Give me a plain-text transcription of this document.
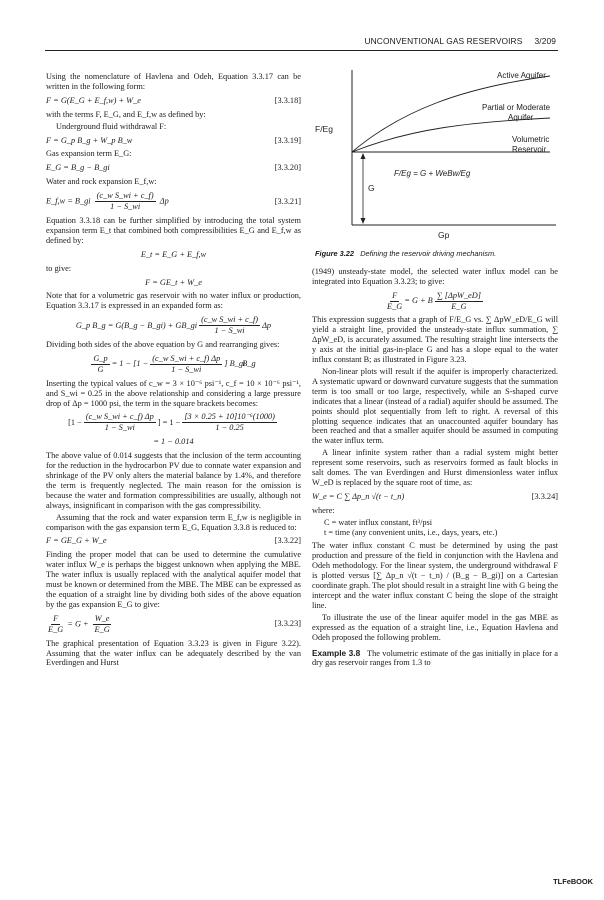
UNCONVENTIONAL GAS RESERVOIRS 3/209

Using the nomenclature of Havlena and Odeh, Equation 3.3.17 can be written in the following form:

F = G(E_G + E_f,w) + W_e	[3.3.18]

with the terms F, E_G, and E_f,w as defined by:

Underground fluid withdrawal F:

F = G_p B_g + W_p B_w	[3.3.19]

Gas expansion term E_G:

E_G = B_g − B_gi	[3.3.20]

Water and rock expansion E_f,w:

E_f,w = B_gi $\frac{\text{(c\_w S\_wi + c\_f)}}{1 - S\_wi}$ Δp	[3.3.21]

Equation 3.3.18 can be further simplified by introducing the total system expansion term E_t that combined both compressibilities E_G and E_f,w as defined by:

E_t = E_G + E_f,w

to give:

F = GE_t + W_e

Note that for a volumetric gas reservoir with no water influx or production, Equation 3.3.17 is expressed in an expanded form as:

G_p B_g = G(B_g − B_gi) + GB_gi $\frac{\text{(c\_w S\_wi + c\_f)}}{1 - S\_wi}$ Δp

Dividing both sides of the above equation by G and rearranging gives:

$\frac{G\_p}{G} = 1 - [1 - \frac{\text{(c\_w S\_wi + c\_f) Δp}}{1 - S\_wi}$ ] B_gi
B_g

Inserting the typical values of c_w = 3 × 10⁻⁶ psi⁻¹, c_f = 10 × 10⁻⁶ psi⁻¹, and S_wi = 0.25 in the above relationship and considering a large pressure drop of Δp = 1000 psi, the term in the square brackets becomes:

[$1 - \frac{\text{(c\_w S\_wi + c\_f) Δp}}{1 - S\_wi}$ ] = $1 - \frac{\text{[3 × 0.25 + 10]10⁻⁶(1000)}}{1 - 0.25}$
= 1 − 0.014

The above value of 0.014 suggests that the inclusion of the term accounting for the reduction in the hydrocarbon PV due to connate water expansion and shrinkage of the PV only alters the material balance by 1.4%, and therefore the term is frequently neglected. The main reason for the omission is because the water and formation compressibilities are usually, although not always, insignificant in comparison with the gas compressibility.

Assuming that the rock and water expansion term E_f,w is negligible in comparison with the gas expansion term E_G, Equation 3.3.8 is reduced to:

F = GE_G + W_e	[3.3.22]

Finding the proper model that can be used to determine the cumulative water influx W_e is perhaps the biggest unknown when applying the MBE. The water influx is usually replaced with the analytical aquifer model that must be known or determined from the MBE. The MBE can be expressed as the equation of a straight line by dividing both sides of the above equation by the gas expansion E_G to give:

$\frac{F}{E\_G} = G + \frac{W\_e}{E\_G}$	[3.3.23]

The graphical presentation of Equation 3.3.23 is given in Figure 3.22). Assuming that the water influx can be adequately described by the van Everdingen and Hurst

Active Aquifer
Partial or Moderate
Aquifer
Volumetric
Reservoir
F/Eg
Gp
G
F/Eg = G + WeBw/Eg
Figure 3.22 Defining the reservoir driving mechanism.

(1949) unsteady-state model, the selected water influx model can be integrated into Equation 3.3.23; to give:

$\frac{F}{E\_G} = G + B \frac{\text{∑ [ΔpW\_eD]}}{E\_G}$

This expression suggests that a graph of F/E_G vs. ∑ ΔpW_eD/E_G will yield a straight line, provided the unsteady-state influx summation, ∑ ΔpW_eD, is accurately assumed. The resulting straight line intersects the y axis at the initial gas-in-place G and has a slope equal to the water influx constant B; as illustrated in Figure 3.23.

Non-linear plots will result if the aquifer is improperly characterized. A systematic upward or downward curvature suggests that the summation term is too small or too large, respectively, while an S-shaped curve indicates that a linear (instead of a radial) aquifer should be assumed. The points should plot sequentially from left to right. A reversal of this plotting sequence indicates that an unaccounted aquifer boundary has been reached and that a smaller aquifer should be assumed in computing the water influx term.

A linear infinite system rather than a radial system might better represent some reservoirs, such as reservoirs formed as fault blocks in salt domes. The van Everdingen and Hurst dimensionless water influx W_eD is replaced by the square root of time, as:

W_e = C ∑ Δp_n √(t − t_n)	[3.3.24]

where:

C = water influx constant, ft³/psi
t = time (any convenient units, i.e., days, years, etc.)

The water influx constant C must be determined by using the past production and pressure of the field in conjunction with the Havlena and Odeh methodology. For the linear system, the underground withdrawal F is plotted versus [∑ Δp_n √(t − t_n) / (B_g − B_gi)] on a Cartesian coordinate graph. The plot should result in a straight line with G being the intercept and the water influx constant C being the slope of the straight line.

To illustrate the use of the linear aquifer model in the gas MBE as expressed as the equation of a straight line, i.e., Equation Havlena and Odeh proposed the following problem.

Example 3.8 The volumetric estimate of the gas initially in place for a dry gas reservoir ranges from 1.3 to

TLFeBOOK
